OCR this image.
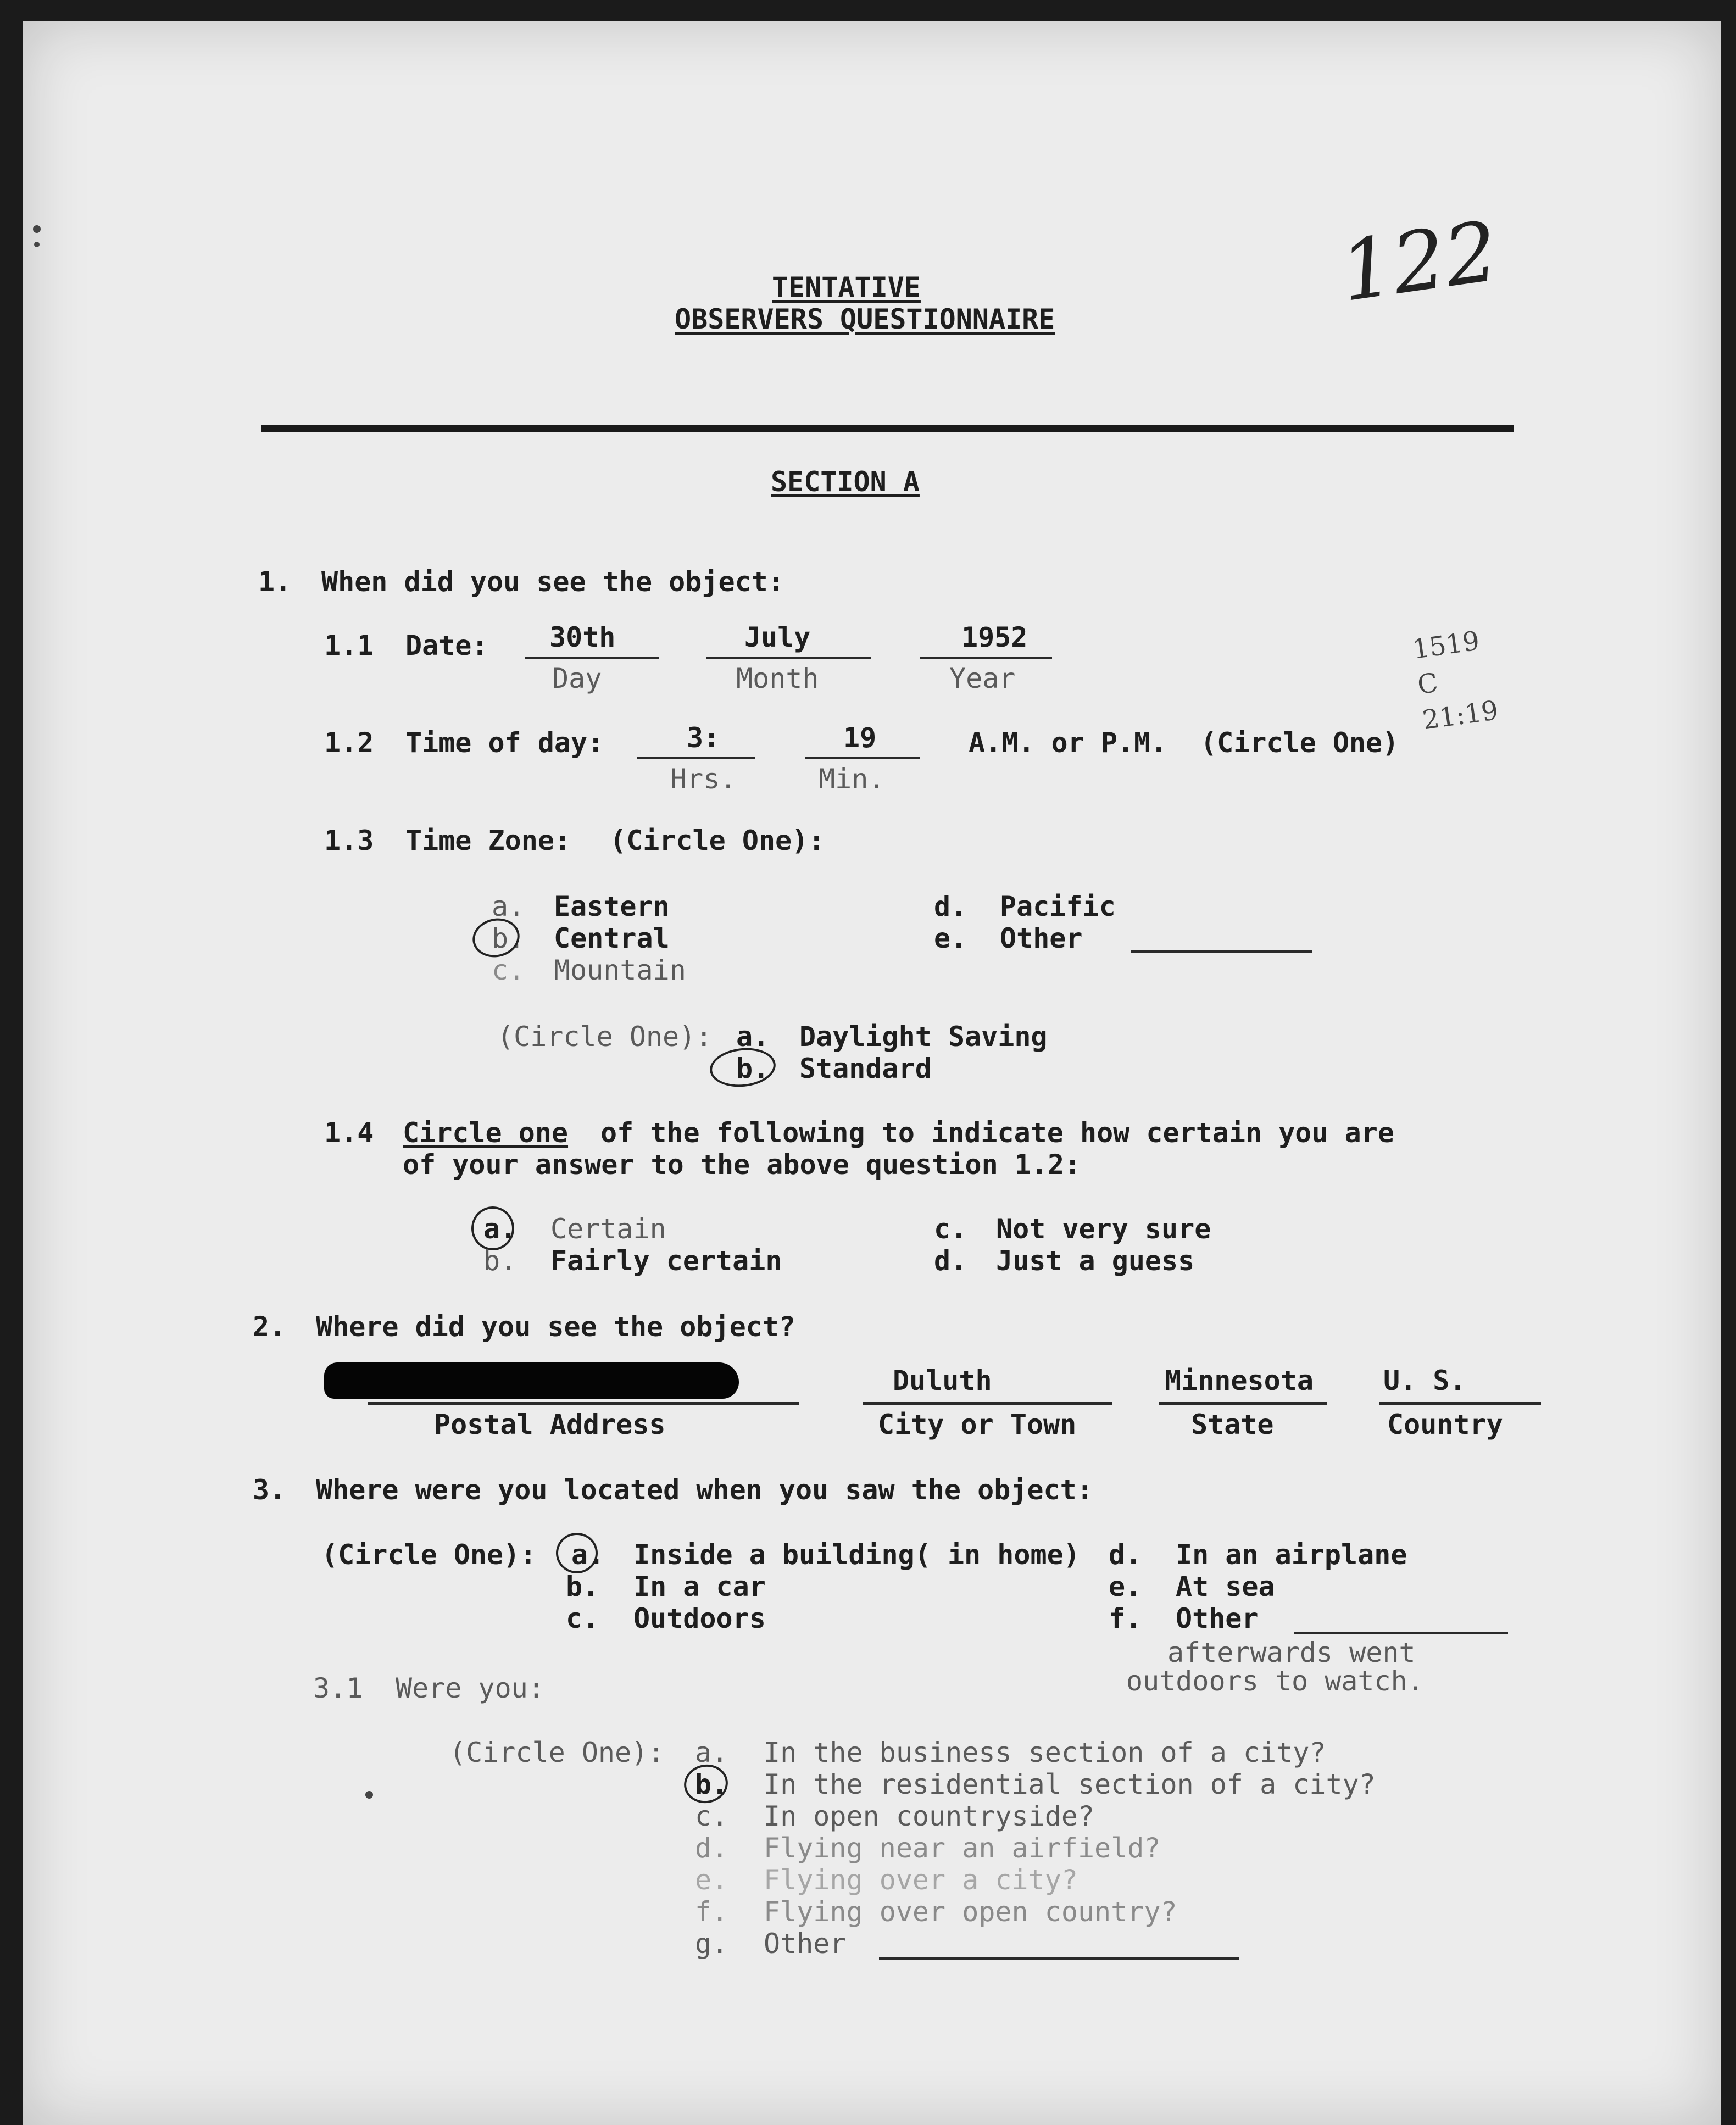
122
1519 C 21:19
TENTATIVE
OBSERVERS QUESTIONNAIRE
SECTION A
1. When did you see the object:
1.1 Date: 30th
Day
July
Month
1952
Year
1.2 Time of day:	3:
Hrs.
19
Min.
A.M. or P.M. (Circle One)
1.3 Time Zone: (Circle One):
a. Eastern
b. Central
c. Mountain
d. Pacific
e. Other
(Circle One): a. Daylight Saving
b. Standard
1.4 Circle one of the following to indicate how certain you are
of your answer to the above question 1.2:
a. Certain
b. Fairly certain
c. Not very sure
d. Just a guess
2. Where did you see the object?
Postal Address
Duluth
City or Town
Minnesota
State
U. S.
Country
3. Where were you located when you saw the object:
(Circle One): a. Inside a building( in home)
b. In a car
c. Outdoors
d. In an airplane
e. At sea
f. Other
afterwards went
outdoors to watch.
3.1 Were you:
(Circle One): a. In the business section of a city?
b. In the residential section of a city?
c. In open countryside?
d. Flying near an airfield?
e. Flying over a city?
f. Flying over open country?
g. Other
